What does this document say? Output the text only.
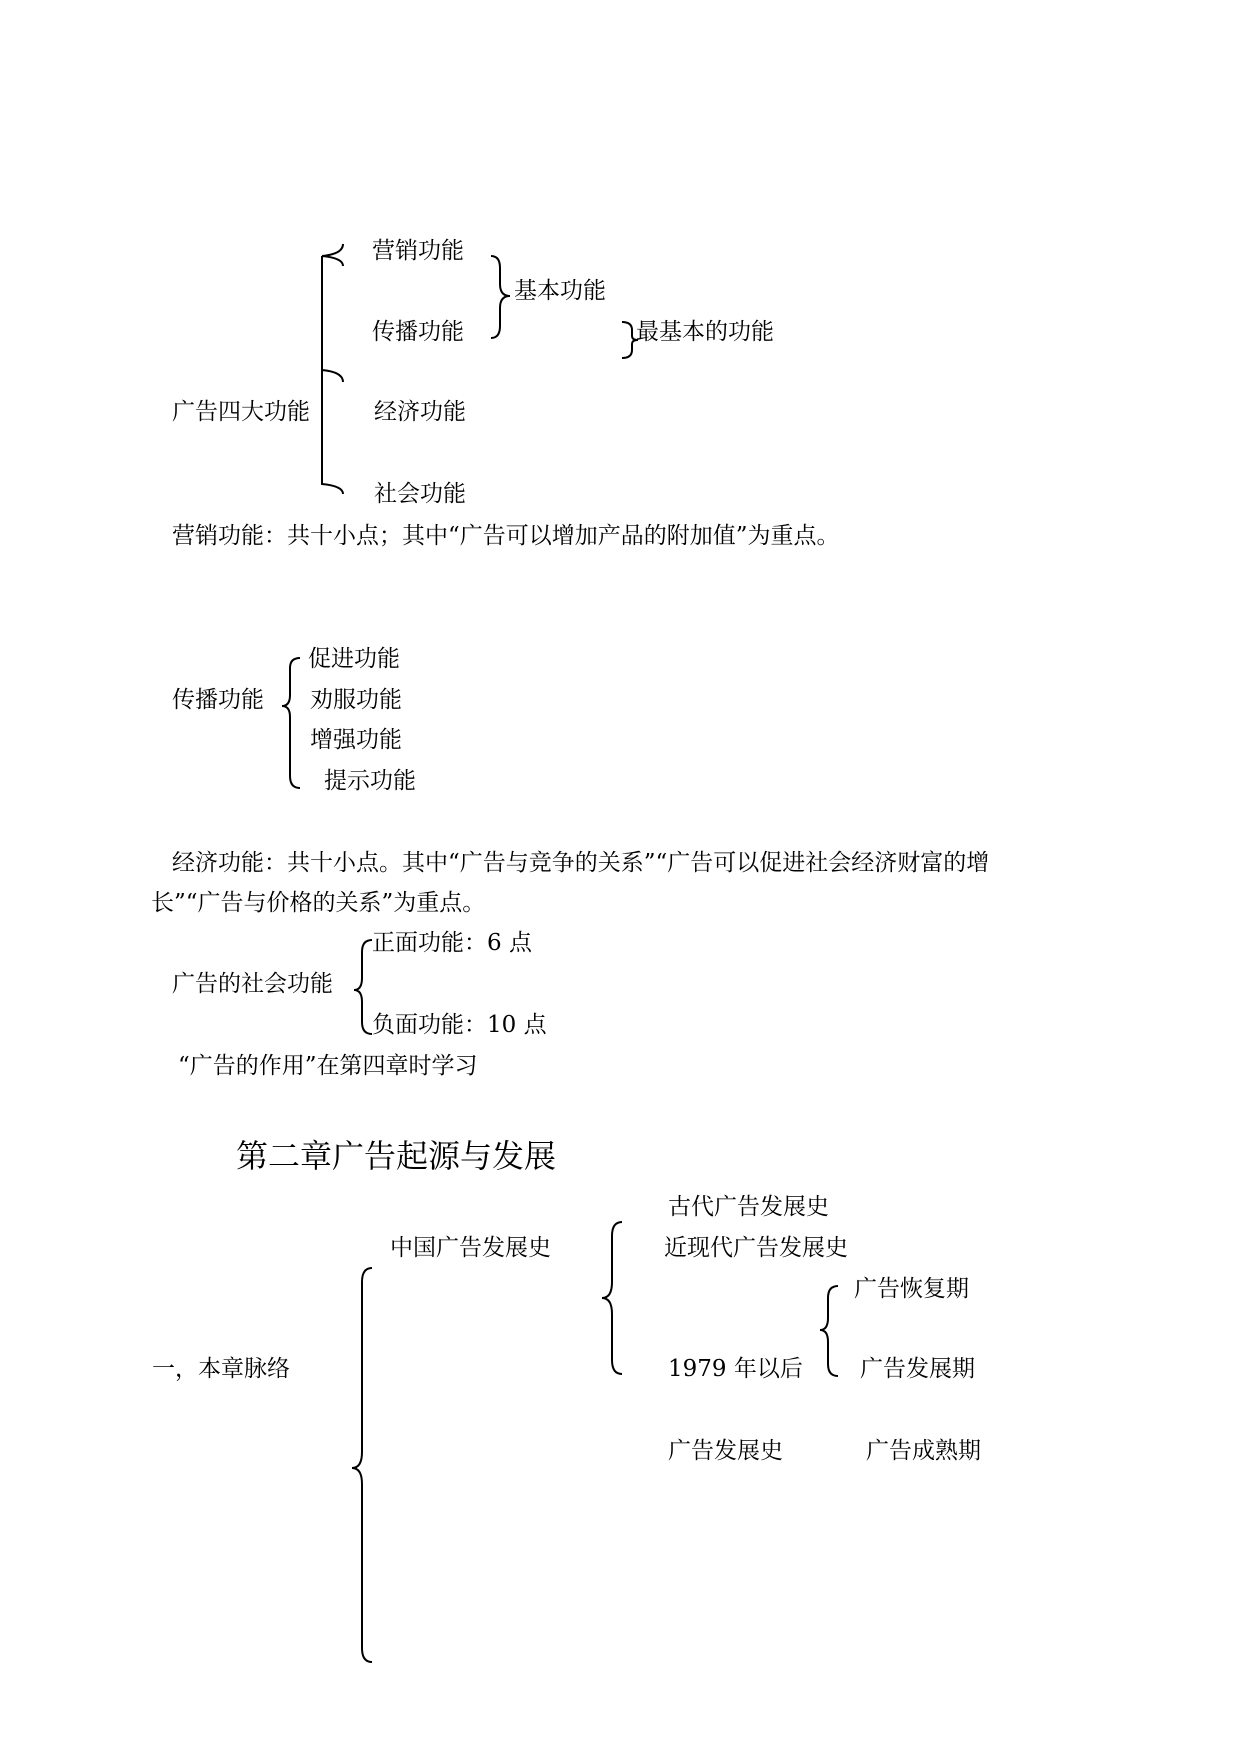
营销功能
基本功能
传播功能	最基本的功能
广告四大功能	经济功能
社会功能
营销功能：共十小点；其中“广告可以增加产品的附加值”为重点。
促进功能
传播功能 劝服功能
增强功能
提示功能
经济功能：共十小点。其中“广告与竞争的关系”“广告可以促进社会经济财富的增
长”“广告与价格的关系”为重点。
正面功能：6 点
广告的社会功能
负面功能：10 点
“广告的作用”在第四章时学习
第二章广告起源与发展
古代广告发展史
中国广告发展史	近现代广告发展史
广告恢复期
一，本章脉络	1979 年以后 广告发展期
广告发展史	广告成熟期
